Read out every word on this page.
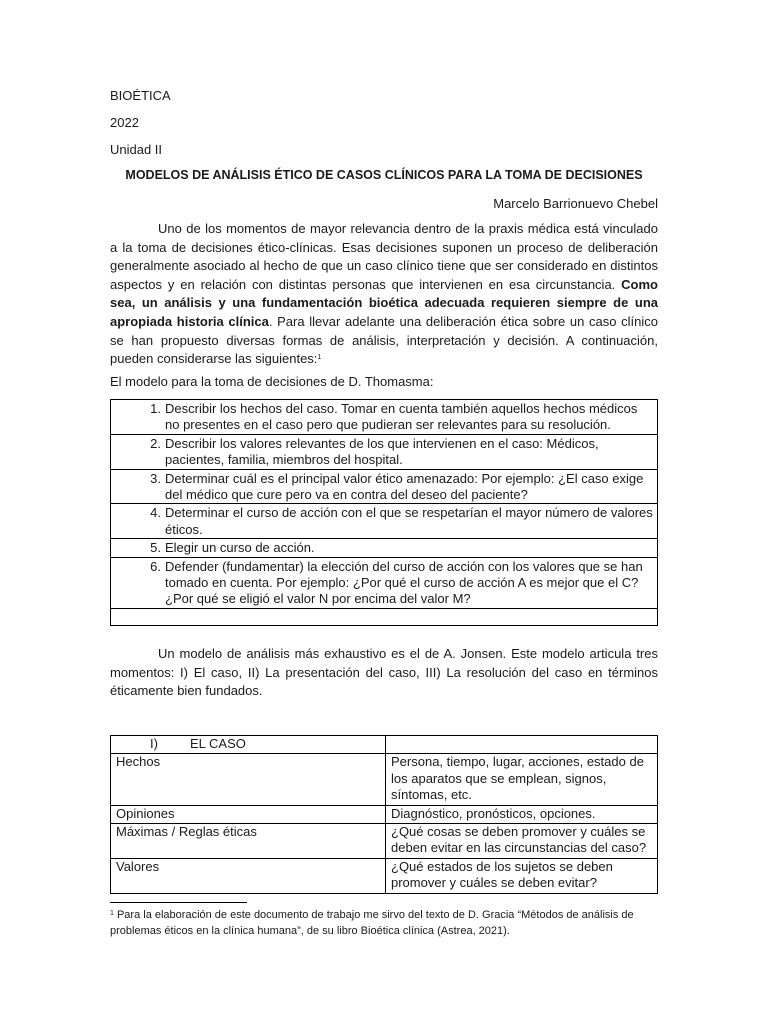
BIOÉTICA
2022
Unidad II
MODELOS DE ANÁLISIS ÉTICO DE CASOS CLÍNICOS PARA LA TOMA DE DECISIONES
Marcelo Barrionuevo Chebel
Uno de los momentos de mayor relevancia dentro de la praxis médica está vinculado a la toma de decisiones ético-clínicas. Esas decisiones suponen un proceso de deliberación generalmente asociado al hecho de que un caso clínico tiene que ser considerado en distintos aspectos y en relación con distintas personas que intervienen en esa circunstancia. Como sea, un análisis y una fundamentación bioética adecuada requieren siempre de una apropiada historia clínica. Para llevar adelante una deliberación ética sobre un caso clínico se han propuesto diversas formas de análisis, interpretación y decisión. A continuación, pueden considerarse las siguientes:$^1$
El modelo para la toma de decisiones de D. Thomasma:
1. Describir los hechos del caso. Tomar en cuenta también aquellos hechos médicos no presentes en el caso pero que pudieran ser relevantes para su resolución.
2. Describir los valores relevantes de los que intervienen en el caso: Médicos, pacientes, familia, miembros del hospital.
3. Determinar cuál es el principal valor ético amenazado: Por ejemplo: ¿El caso exige del médico que cure pero va en contra del deseo del paciente?
4. Determinar el curso de acción con el que se respetarían el mayor número de valores éticos.
5. Elegir un curso de acción.
6. Defender (fundamentar) la elección del curso de acción con los valores que se han tomado en cuenta. Por ejemplo: ¿Por qué el curso de acción A es mejor que el C? ¿Por qué se eligió el valor N por encima del valor M?

Un modelo de análisis más exhaustivo es el de A. Jonsen. Este modelo articula tres momentos: I) El caso, II) La presentación del caso, III) La resolución del caso en términos éticamente bien fundados.
I) EL CASO	
Hechos	Persona, tiempo, lugar, acciones, estado de los aparatos que se emplean, signos, síntomas, etc.
Opiniones	Diagnóstico, pronósticos, opciones.
Máximas / Reglas éticas	¿Qué cosas se deben promover y cuáles se deben evitar en las circunstancias del caso?
Valores	¿Qué estados de los sujetos se deben promover y cuáles se deben evitar?
$^1$ Para la elaboración de este documento de trabajo me sirvo del texto de D. Gracia “Métodos de análisis de problemas éticos en la clínica humana”, de su libro Bioética clínica (Astrea, 2021).
